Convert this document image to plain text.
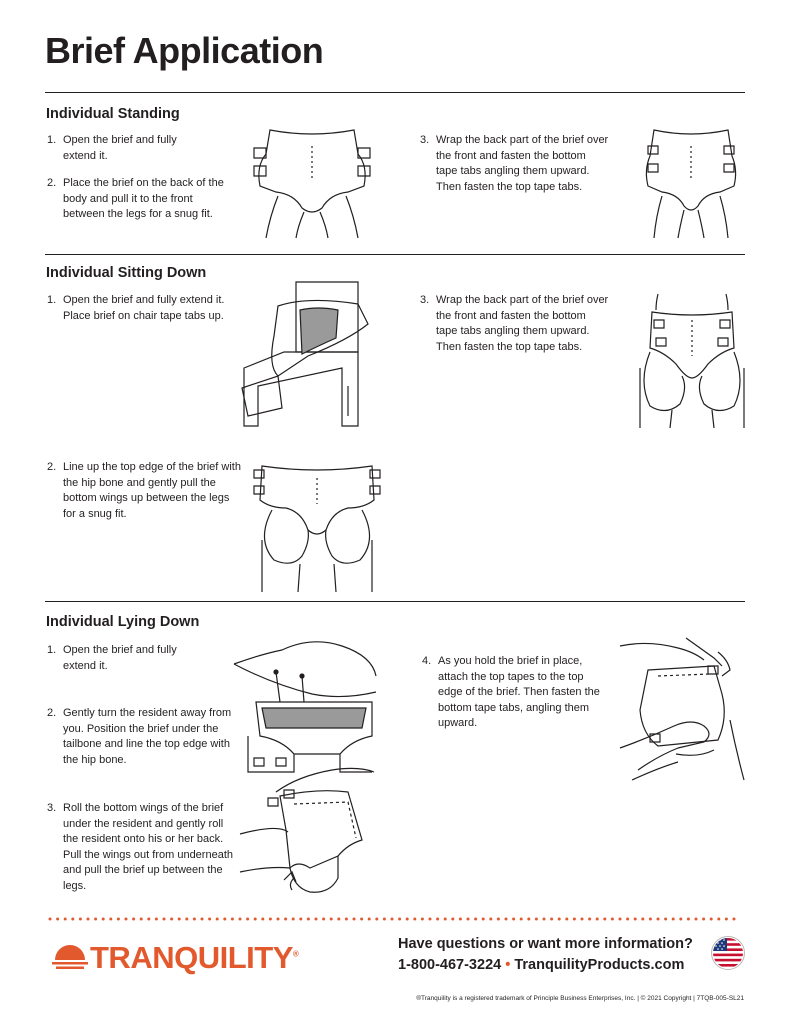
Brief Application
Individual Standing
1. Open the brief and fully extend it.
2. Place the brief on the back of the body and pull it to the front between the legs for a snug fit.
3. Wrap the back part of the brief over the front and fasten the bottom tape tabs angling them upward. Then fasten the top tape tabs.
Individual Sitting Down
1. Open the brief and fully extend it. Place brief on chair tape tabs up.
2. Line up the top edge of the brief with the hip bone and gently pull the bottom wings up between the legs for a snug fit.
3. Wrap the back part of the brief over the front and fasten the bottom tape tabs angling them upward. Then fasten the top tape tabs.
Individual Lying Down
1. Open the brief and fully extend it.
2. Gently turn the resident away from you. Position the brief under the tailbone and line the top edge with the hip bone.
3. Roll the bottom wings of the brief under the resident and gently roll the resident onto his or her back. Pull the wings out from underneath and pull the brief up between the legs.
4. As you hold the brief in place, attach the top tapes to the top edge of the brief. Then fasten the bottom tape tabs, angling them upward.
TRANQUILITY®
Have questions or want more information?
1-800-467-3224 • TranquilityProducts.com
®Tranquility is a registered trademark of Principle Business Enterprises, Inc. | © 2021 Copyright | 7TQB-005-SL21
